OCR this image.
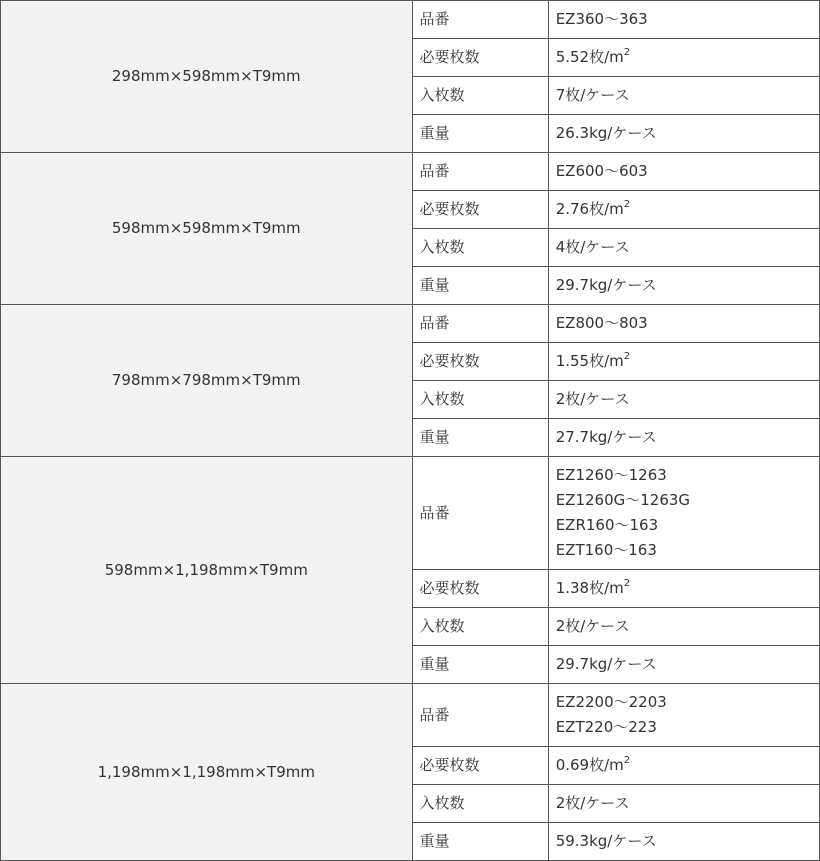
298mm×598mm×T9mm	品番	EZ360～363

	必要枚数	5.52枚$/m^2$
	入枚数	7枚/ケース
	重量	26.3kg/ケース
598mm×598mm×T9mm	品番	EZ600～603

	必要枚数	2.76枚$/m^2$
	入枚数	4枚/ケース
	重量	29.7kg/ケース
798mm×798mm×T9mm	品番	EZ800～803

	必要枚数	1.55枚$/m^2$
	入枚数	2枚/ケース
	重量	27.7kg/ケース
598mm×1,198mm×T9mm	品番	EZ1260～1263
EZ1260G～1263G
EZR160～163
EZT160～163

	必要枚数	1.38枚$/m^2$
	入枚数	2枚/ケース
	重量	29.7kg/ケース
1,198mm×1,198mm×T9mm	品番	EZ2200～2203
EZT220～223

	必要枚数	0.69枚$/m^2$
	入枚数	2枚/ケース
	重量	59.3kg/ケース
